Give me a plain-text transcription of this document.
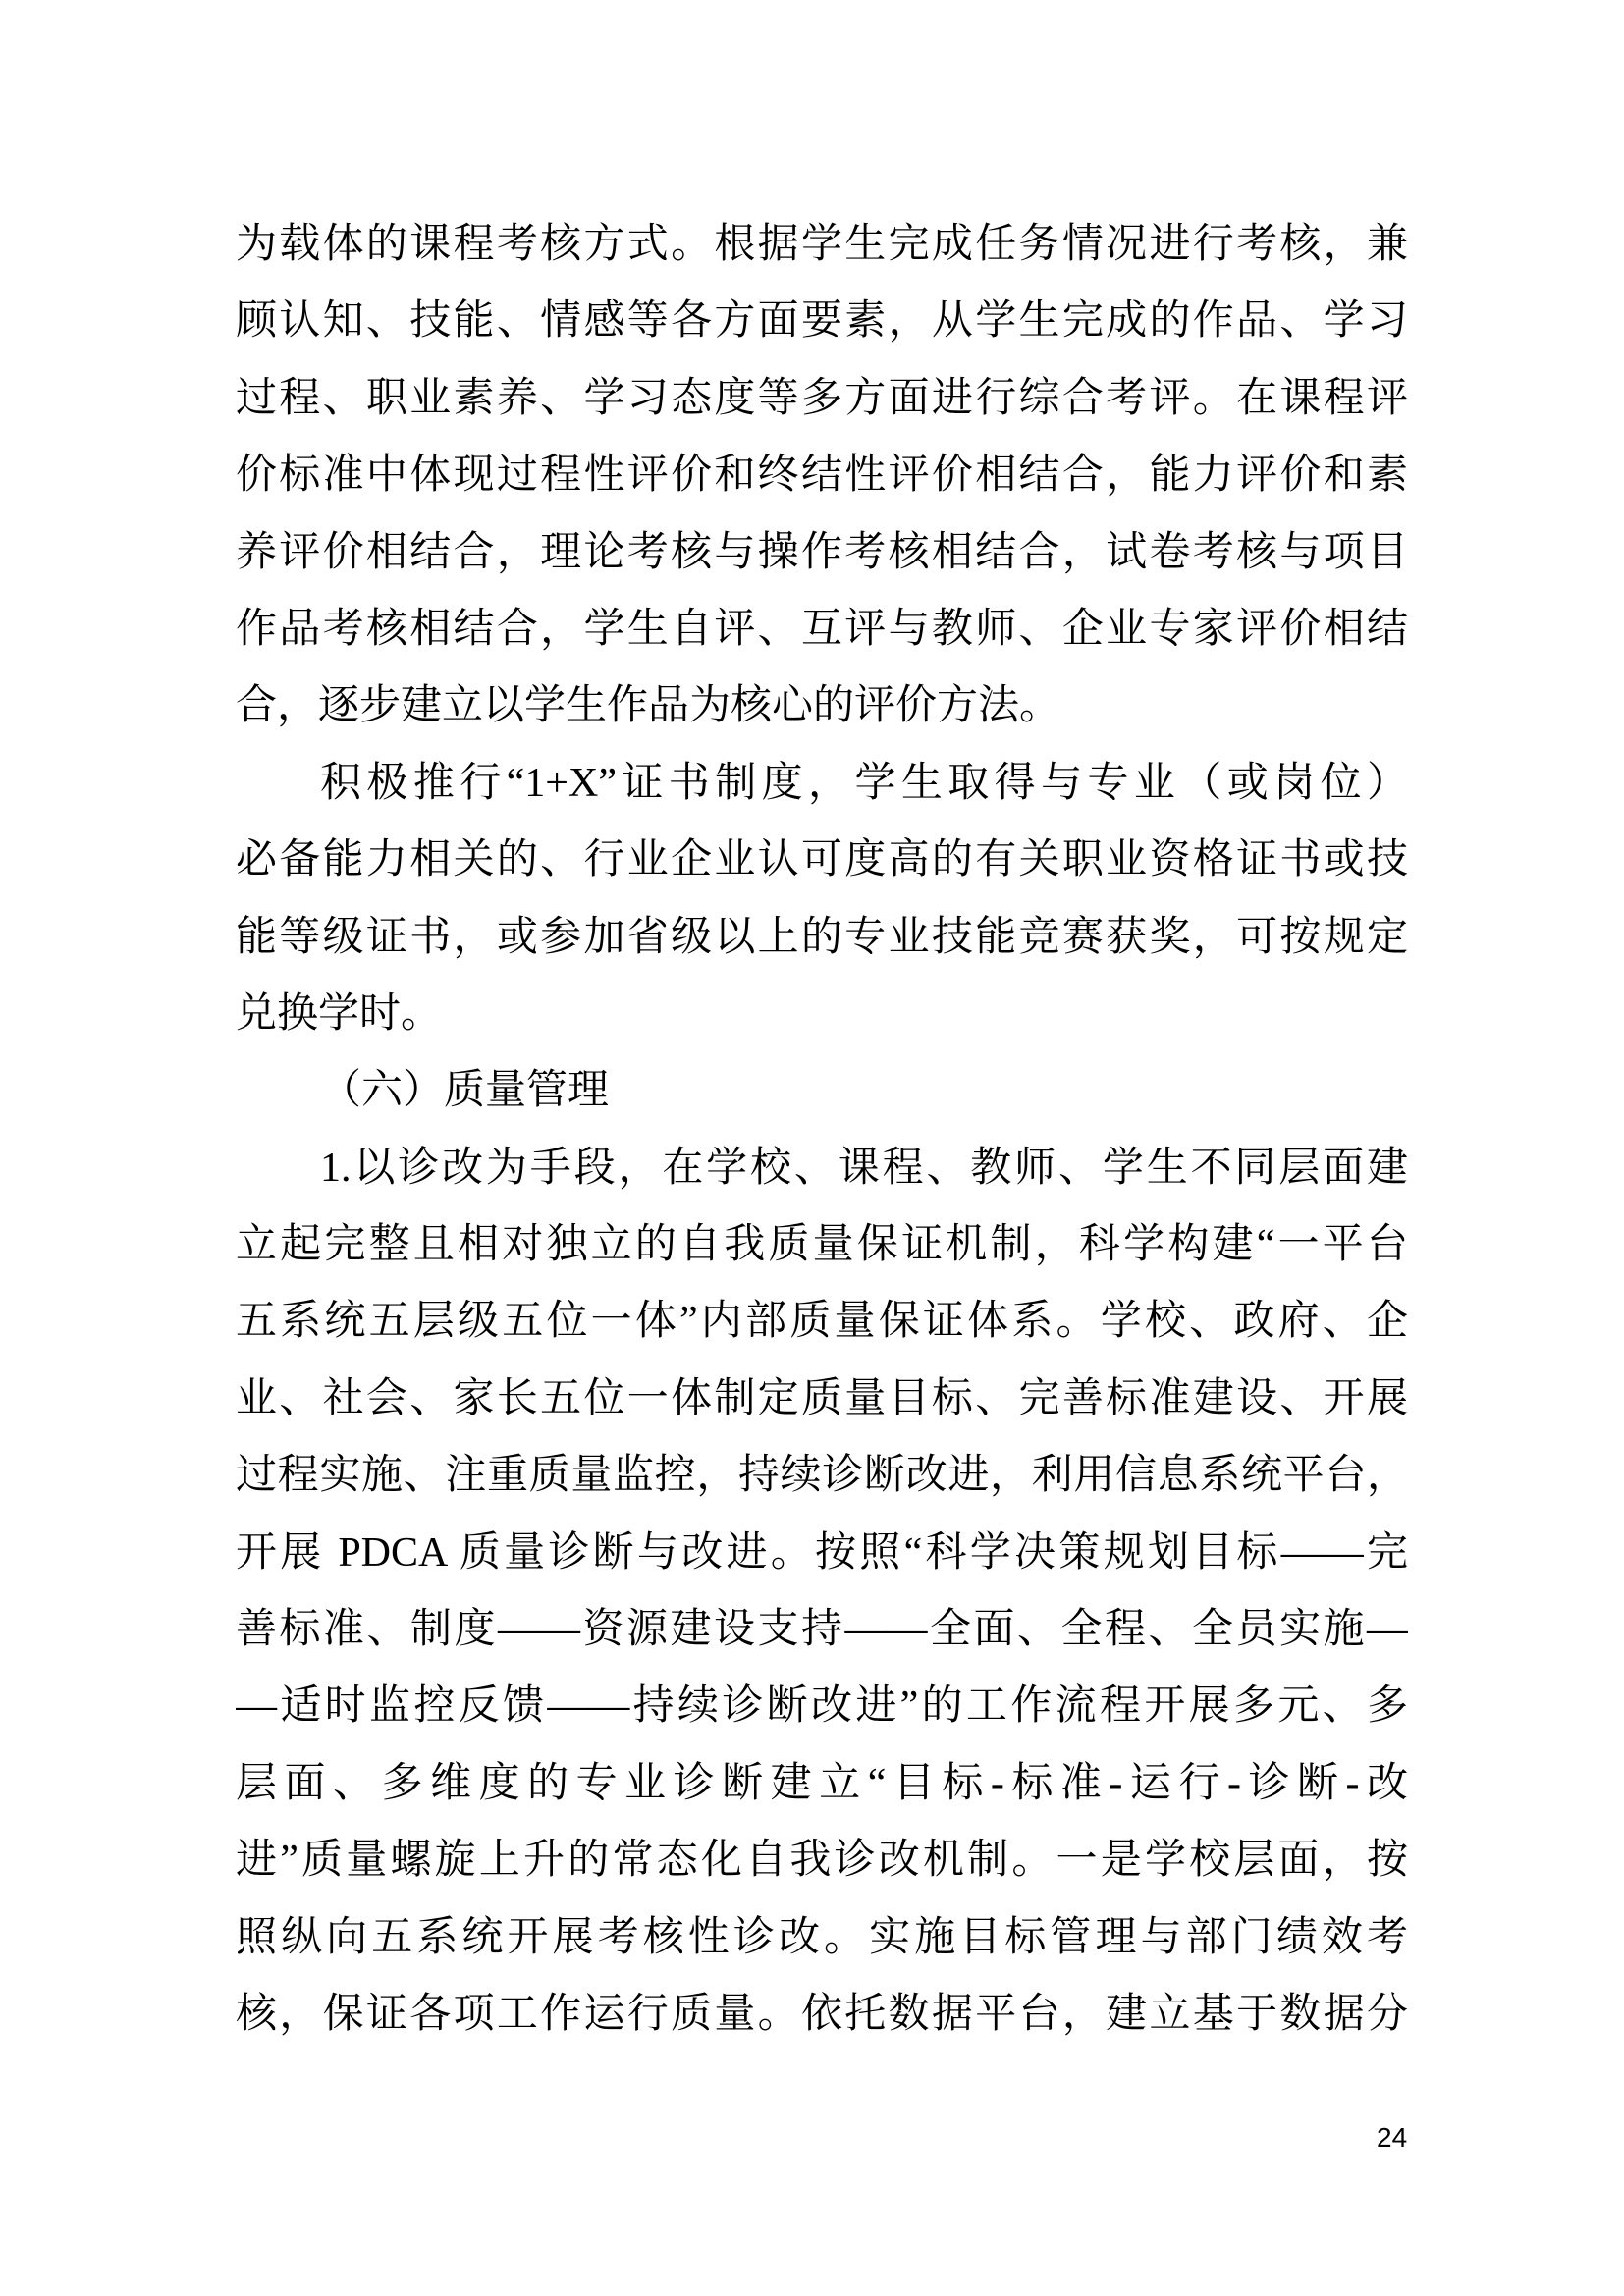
为载体的课程考核方式。根据学生完成任务情况进行考核，兼
顾认知、技能、情感等各方面要素，从学生完成的作品、学习
过程、职业素养、学习态度等多方面进行综合考评。在课程评
价标准中体现过程性评价和终结性评价相结合，能力评价和素
养评价相结合，理论考核与操作考核相结合，试卷考核与项目
作品考核相结合，学生自评、互评与教师、企业专家评价相结
合，逐步建立以学生作品为核心的评价方法。
积极推行“1+X”证书制度，学生取得与专业（或岗位）
必备能力相关的、行业企业认可度高的有关职业资格证书或技
能等级证书，或参加省级以上的专业技能竞赛获奖，可按规定
兑换学时。
（六）质量管理
1.以诊改为手段，在学校、课程、教师、学生不同层面建
立起完整且相对独立的自我质量保证机制，科学构建“一平台
五系统五层级五位一体”内部质量保证体系。学校、政府、企
业、社会、家长五位一体制定质量目标、完善标准建设、开展
过程实施、注重质量监控，持续诊断改进，利用信息系统平台，
开展 PDCA 质量诊断与改进。按照“科学决策规划目标——完
善标准、制度——资源建设支持——全面、全程、全员实施—
—适时监控反馈——持续诊断改进”的工作流程开展多元、多
层面、多维度的专业诊断建立“目标-标准-运行-诊断-改
进”质量螺旋上升的常态化自我诊改机制。一是学校层面，按
照纵向五系统开展考核性诊改。实施目标管理与部门绩效考
核，保证各项工作运行质量。依托数据平台，建立基于数据分
24
